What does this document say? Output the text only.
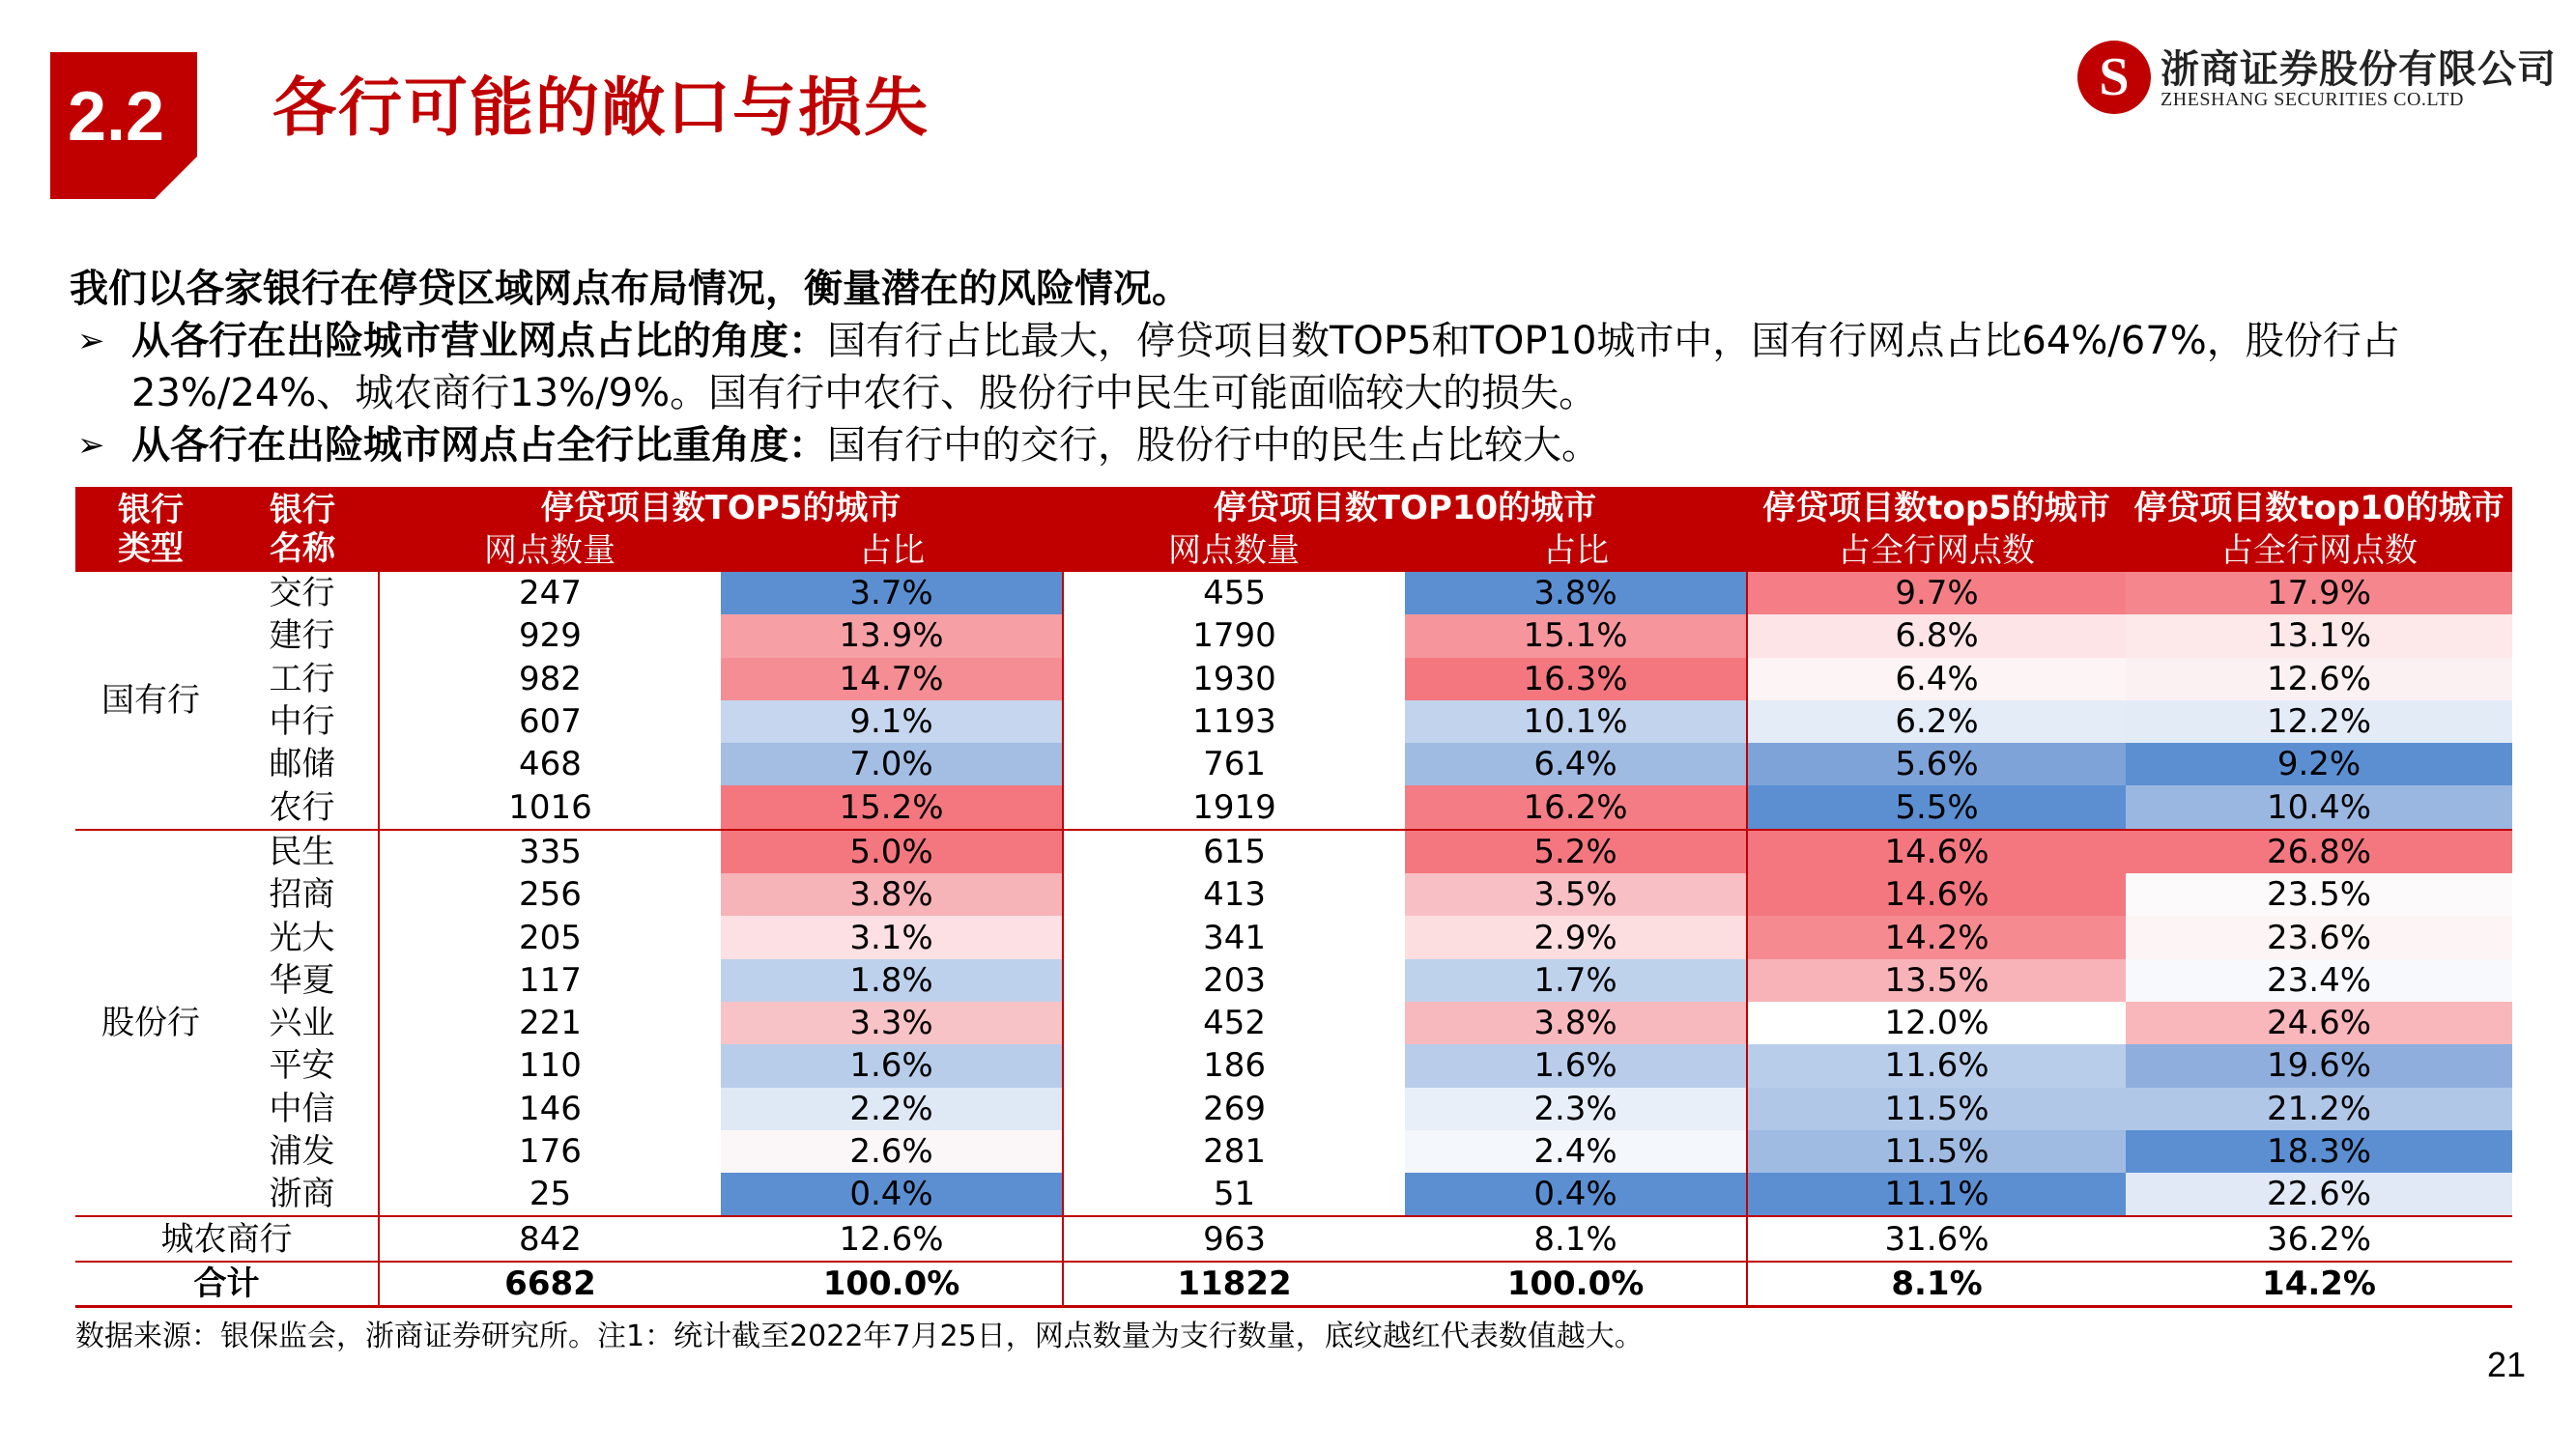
2.2 各行可能的敞口与损失	S 浙商证券股份有限公司
ZHESHANG SECURITIES CO.LTD

我们以各家银行在停贷区域网点布局情况，衡量潜在的风险情况。

➢ 从各行在出险城市营业网点占比的角度：国有行占比最大，停贷项目数TOP5和TOP10城市中，国有行网点占比64%/67%，股份行占23%/24%、城农商行13%/9%。国有行中农行、股份行中民生可能面临较大的损失。

➢ 从各行在出险城市网点占全行比重角度：国有行中的交行，股份行中的民生占比较大。

银行类型	银行名称	停贷项目数TOP5的城市		停贷项目数TOP10的城市		停贷项目数top5的城市	停贷项目数top10的城市
		网点数量	占比	网点数量	占比	占全行网点数	占全行网点数
国有行	交行	247	3.7%	455	3.8%	9.7%	17.9%
	建行	929	13.9%	1790	15.1%	6.8%	13.1%
	工行	982	14.7%	1930	16.3%	6.4%	12.6%
	中行	607	9.1%	1193	10.1%	6.2%	12.2%
	邮储	468	7.0%	761	6.4%	5.6%	9.2%
	农行	1016	15.2%	1919	16.2%	5.5%	10.4%
股份行	民生	335	5.0%	615	5.2%	14.6%	26.8%
	招商	256	3.8%	413	3.5%	14.6%	23.5%
	光大	205	3.1%	341	2.9%	14.2%	23.6%
	华夏	117	1.8%	203	1.7%	13.5%	23.4%
	兴业	221	3.3%	452	3.8%	12.0%	24.6%
	平安	110	1.6%	186	1.6%	11.6%	19.6%
	中信	146	2.2%	269	2.3%	11.5%	21.2%
	浦发	176	2.6%	281	2.4%	11.5%	18.3%
	浙商	25	0.4%	51	0.4%	11.1%	22.6%
城农商行		842	12.6%	963	8.1%	31.6%	36.2%
合计		6682	100.0%	11822	100.0%	8.1%	14.2%
数据来源：银保监会，浙商证券研究所。注1：统计截至2022年7月25日，网点数量为支行数量，底纹越红代表数值越大。
21
